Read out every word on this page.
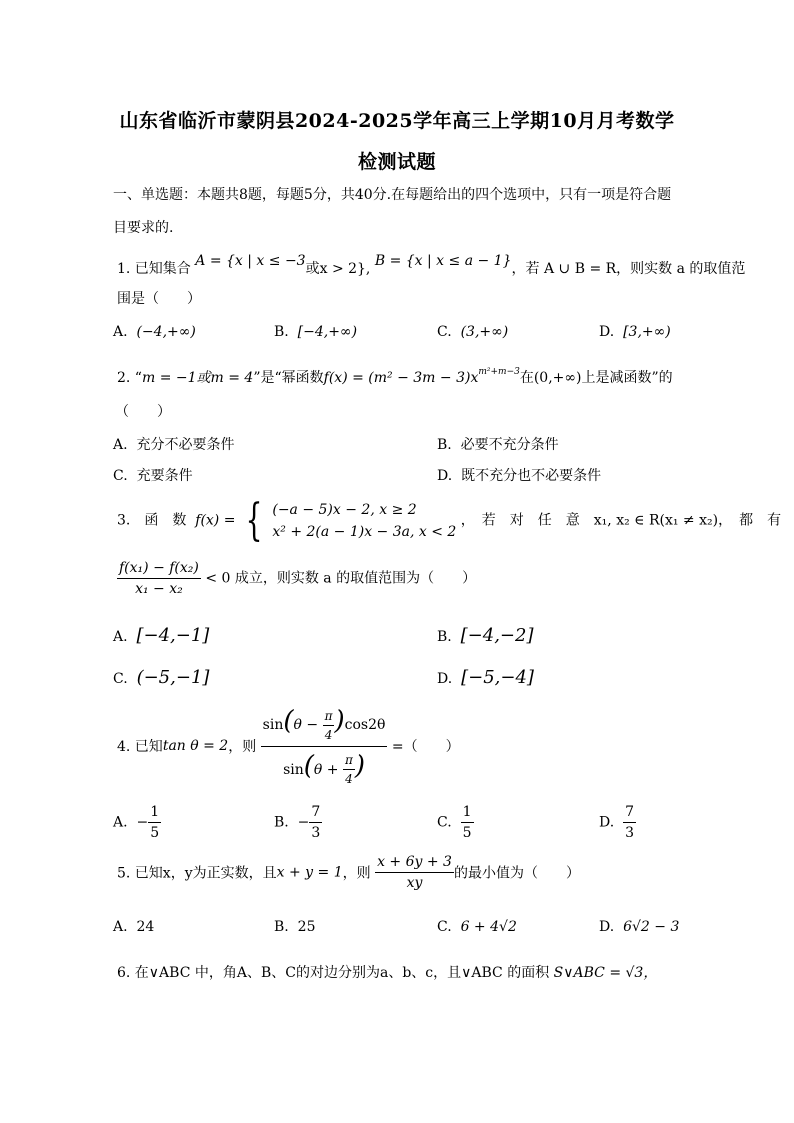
山东省临沂市蒙阴县2024-2025学年高三上学期10月月考数学
检测试题
一、单选题：本题共8题，每题5分，共40分.在每题给出的四个选项中，只有一项是符合题
目要求的.
1. 已知集合 A = {x | x ≤ −3或x > 2}, B = {x | x ≤ a − 1}，若 A ∪ B = R，则实数 a 的取值范
围是（　　）
A. (−4,+∞)	B. [−4,+∞)	C. (3,+∞)	D. [3,+∞)
2. “m = −1或m = 4”是“幂函数$f(x) = (m^2 - 3m - 3)x^{m^2+m-3}$在(0,+∞)上是减函数”的
（　　）
A. 充分不必要条件	B. 必要不充分条件
C. 充要条件	D. 既不充分也不必要条件
3.　函　数 f(x) = { (−a − 5)x − 2, x ≥ 2
x² + 2(a − 1)x − 3a, x < 2
，　若　对　任　意　x₁, x₂ ∈ R(x₁ ≠ x₂)，　都　有
$\frac{\text{f(x₁) − f(x₂)}}{\text{x₁ − x₂}} < 0$ 成立，则实数 a 的取值范围为（　　）
A. [−4,−1]	B. [−4,−2]
C. (−5,−1]	D. [−5,−4]
4. 已知tan θ = 2，则 $\frac{\sin(\theta - \frac{\pi}{4} )\cos 2\theta}{\sin(\theta + \frac{\pi}{4} )}$ =（　　）
A. − $\frac{1}{5}$	B. − $\frac{7}{3}$	C. $\frac{1}{5}$	D. $\frac{7}{3}$
5. 已知x，y为正实数，且x + y = 1，则 $\frac{x + 6y + 3}{xy}$ 的最小值为（　　）
A. 24	B. 25	C. 6 + 4√2	D. 6√2 − 3
6. 在∨ABC 中，角A、B、C的对边分别为a、b、c，且∨ABC 的面积 S∨ABC = √3，
